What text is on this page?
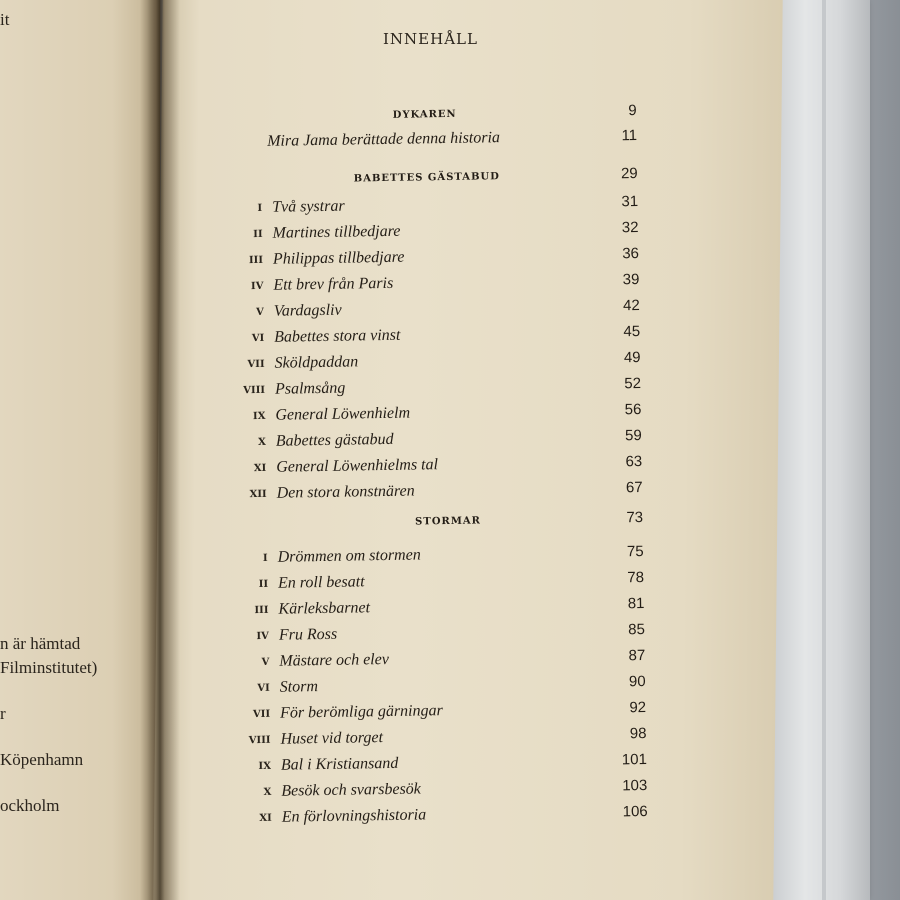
it
n är hämtad
Filminstitutet)
r
Köpenhamn
ockholm
INNEHÅLL
DYKAREN	9
Mira Jama berättade denna historia	11
BABETTES GÄSTABUD	29
I Två systrar	31
II Martines tillbedjare	32
III Philippas tillbedjare	36
IV Ett brev från Paris	39
V Vardagsliv	42
VI Babettes stora vinst	45
VII Sköldpaddan	49
VIII Psalmsång	52
IX General Löwenhielm	56
X Babettes gästabud	59
XI General Löwenhielms tal	63
XII Den stora konstnären	67
STORMAR	73
I Drömmen om stormen	75
II En roll besatt	78
III Kärleksbarnet	81
IV Fru Ross	85
V Mästare och elev	87
VI Storm	90
VII För berömliga gärningar	92
VIII Huset vid torget	98
IX Bal i Kristiansand	101
X Besök och svarsbesök	103
XI En förlovningshistoria	106
